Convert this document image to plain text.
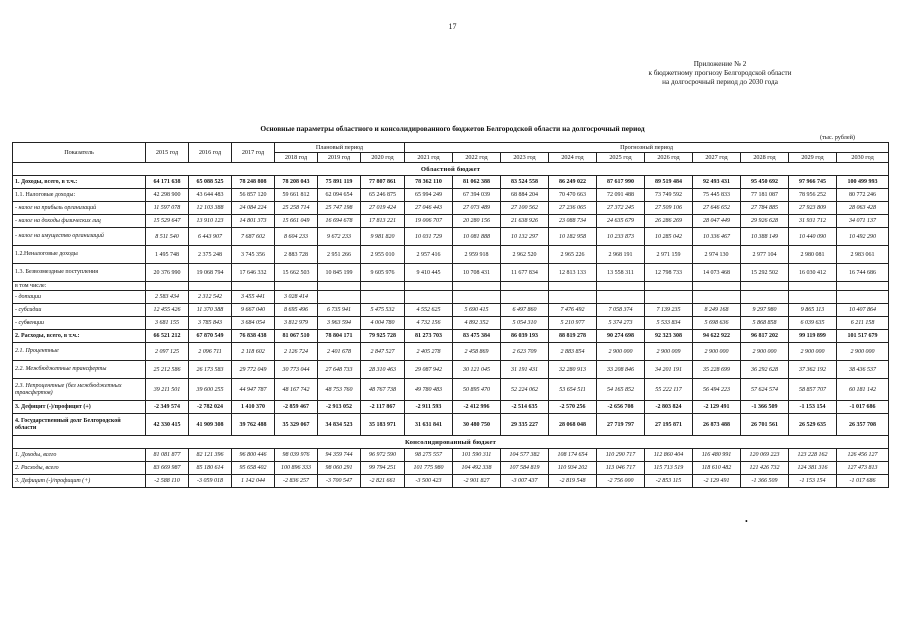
17
Приложение № 2
к бюджетному прогнозу Белгородской области
на долгосрочный период до 2030 года
Основные параметры областного и консолидированного бюджетов Белгородской области на долгосрочный период
(тыс. рублей)
Показатель	2015 год	2016 год	2017 год	Плановый период			Прогнозный период									
				2018 год	2019 год	2020 год	2021 год	2022 год	2023 год	2024 год	2025 год	2026 год	2027 год	2028 год	2029 год	2030 год
Областной бюджет																
1. Доходы, всего, в т.ч.:	64 171 638	65 088 525	78 248 808	78 208 043	75 891 119	77 807 861	78 362 110	81 062 388	83 524 558	86 249 022	87 617 990	89 519 484	92 493 431	95 450 692	97 966 745	100 499 993
1.1. Налоговые доходы:	42 298 900	43 644 483	56 857 120	59 661 812	62 094 654	65 246 875	65 994 249	67 394 039	68 884 204	70 470 663	72 091 488	73 749 592	75 445 833	77 181 087	78 956 252	80 772 246
- налог на прибыль организаций	11 597 078	12 103 388	24 084 224	25 258 714	25 747 198	27 019 424	27 046 443	27 073 489	27 100 562	27 236 065	27 372 245	27 509 106	27 646 652	27 784 885	27 923 809	28 063 428
- налог на доходы физических лиц	15 529 647	13 910 123	14 801 373	15 661 049	16 694 678	17 813 221	19 006 707	20 280 156	21 638 926	23 088 734	24 635 679	26 286 269	28 047 449	29 926 628	31 931 712	34 071 137
- налог на имущество организаций	8 511 540	6 443 907	7 687 602	8 604 233	9 672 233	9 981 820	10 031 729	10 081 888	10 132 297	10 182 958	10 233 873	10 285 042	10 336 467	10 388 149	10 440 090	10 492 290
1.2.Неналоговые доходы	1 495 748	2 375 248	3 745 356	2 883 728	2 951 266	2 955 010	2 957 416	2 959 918	2 962 520	2 965 226	2 968 191	2 971 159	2 974 130	2 977 104	2 980 081	2 983 061
1.3. Безвозмездные поступления	20 376 990	19 068 794	17 646 332	15 662 503	10 845 199	9 605 976	9 410 445	10 708 431	11 677 834	12 813 133	13 558 311	12 798 733	14 073 468	15 292 502	16 030 412	16 744 686
в том числе:																
- дотации	2 583 434	2 312 542	3 455 441	3 028 414												
- субсидии	12 455 426	11 370 388	9 667 040	8 695 496	6 735 941	5 475 532	4 552 625	5 690 415	6 497 860	7 476 492	7 058 374	7 139 235	8 249 168	9 297 980	9 865 113	10 407 864
- субвенции	3 681 155	3 785 843	3 684 054	3 812 979	3 963 594	4 004 780	4 732 156	4 892 352	5 054 310	5 210 977	5 374 273	5 533 834	5 698 636	5 868 858	6 039 635	6 211 158
2. Расходы, всего, в т.ч.:	66 521 212	67 870 549	76 838 438	81 067 510	78 804 171	79 925 728	81 273 703	83 475 384	86 039 193	88 819 278	90 274 698	92 323 308	94 622 922	96 817 202	99 119 899	101 517 679
2.1. Процентные	2 097 125	2 096 711	2 118 602	2 126 724	2 401 678	2 847 527	2 405 278	2 458 869	2 623 709	2 883 854	2 900 000	2 900 009	2 900 000	2 900 000	2 900 000	2 900 000
2.2. Межбюджетные трансферты	25 212 586	26 173 583	29 772 049	30 773 044	27 648 733	28 310 463	29 087 942	30 121 045	31 191 431	32 280 913	33 208 846	34 201 191	35 228 699	36 292 628	37 362 192	38 436 537
2.3. Непроцентные (без межбюджетных трансфертов)	39 211 501	39 600 255	44 947 787	48 167 742	48 753 760	48 767 738	49 780 483	50 895 470	52 224 062	53 654 511	54 165 852	55 222 117	56 494 223	57 624 574	58 857 707	60 181 142
3. Дефицит (-)/профицит (+)	-2 349 574	-2 782 024	1 410 370	-2 859 467	-2 913 052	-2 117 867	-2 911 593	-2 412 996	-2 514 635	-2 570 256	-2 656 708	-2 803 824	-2 129 491	-1 366 509	-1 153 154	-1 017 686
4. Государственный долг Белгородской области	42 330 415	41 909 308	39 762 488	35 329 067	34 834 523	35 183 971	31 631 841	30 480 750	29 335 227	28 068 048	27 719 797	27 195 871	26 873 488	26 701 561	26 529 635	26 357 708
Консолидированный бюджет																
1. Доходы, всего	81 081 877	82 121 396	96 800 446	98 039 976	94 359 744	96 972 590	98 275 557	101 590 311	104 577 382	108 174 654	110 290 717	112 860 404	116 480 991	120 069 223	123 228 162	126 456 127
2. Расходы, всего	83 669 987	85 180 614	95 658 402	100 896 333	98 060 291	99 794 251	101 775 980	104 492 338	107 584 819	110 934 202	113 046 717	115 713 519	118 610 482	121 426 732	124 381 316	127 473 813
3. Дефицит (-)/профицит (+)	-2 588 110	-3 059 018	1 142 044	-2 836 257	-3 700 547	-2 821 661	-3 500 423	-2 901 827	-3 007 437	-2 819 548	-2 756 000	-2 853 115	-2 129 491	-1 366 509	-1 153 154	-1 017 686
•
